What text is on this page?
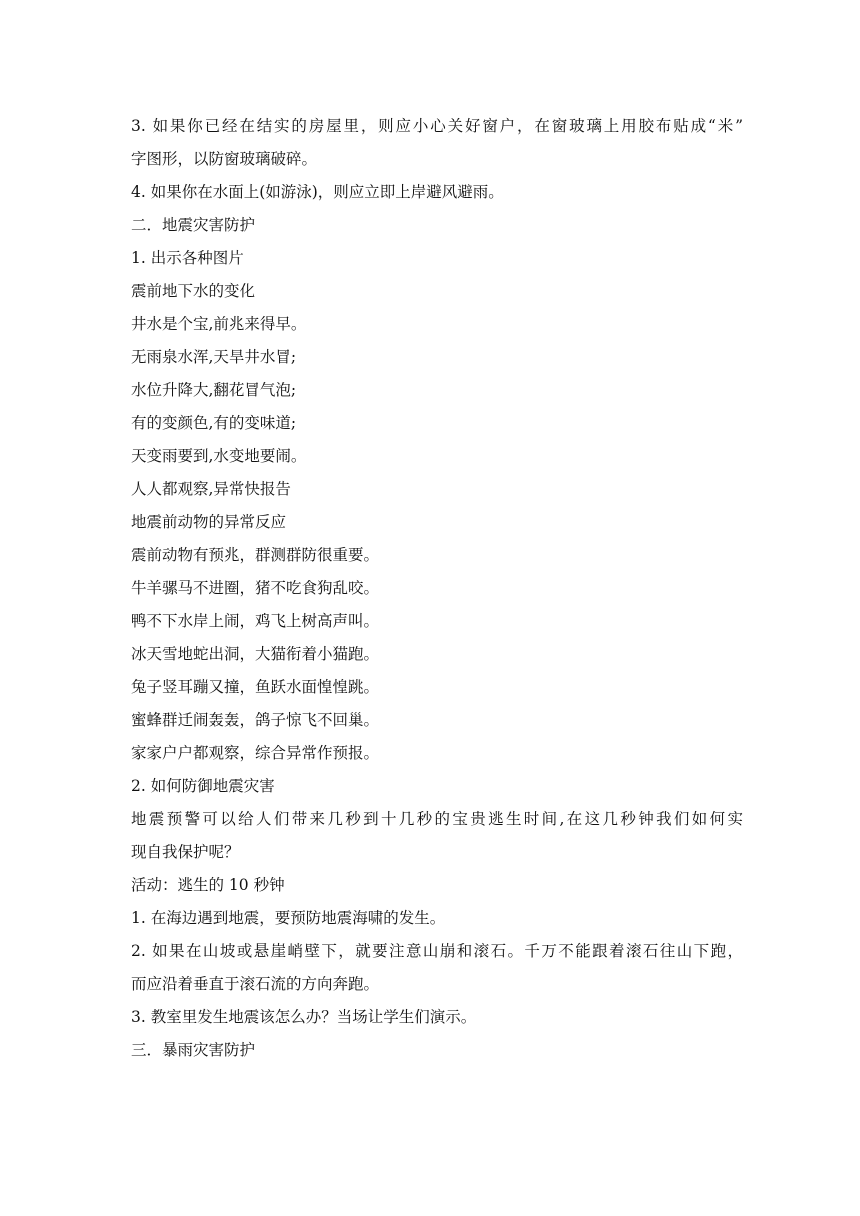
3. 如果你已经在结实的房屋里，则应小心关好窗户，在窗玻璃上用胶布贴成“米”
字图形，以防窗玻璃破碎。
4. 如果你在水面上(如游泳)，则应立即上岸避风避雨。
二．地震灾害防护
1. 出示各种图片
震前地下水的变化
井水是个宝,前兆来得早。
无雨泉水浑,天旱井水冒;
水位升降大,翻花冒气泡;
有的变颜色,有的变味道;
天变雨要到,水变地要闹。
人人都观察,异常快报告
地震前动物的异常反应
震前动物有预兆，群测群防很重要。
牛羊骡马不进圈，猪不吃食狗乱咬。
鸭不下水岸上闹，鸡飞上树高声叫。
冰天雪地蛇出洞，大猫衔着小猫跑。
兔子竖耳蹦又撞，鱼跃水面惶惶跳。
蜜蜂群迁闹轰轰，鸽子惊飞不回巢。
家家户户都观察，综合异常作预报。
2. 如何防御地震灾害
地震预警可以给人们带来几秒到十几秒的宝贵逃生时间,在这几秒钟我们如何实
现自我保护呢？
活动：逃生的 10 秒钟
1. 在海边遇到地震，要预防地震海啸的发生。
2. 如果在山坡或悬崖峭壁下，就要注意山崩和滚石。千万不能跟着滚石往山下跑，
而应沿着垂直于滚石流的方向奔跑。
3. 教室里发生地震该怎么办？当场让学生们演示。
三．暴雨灾害防护
